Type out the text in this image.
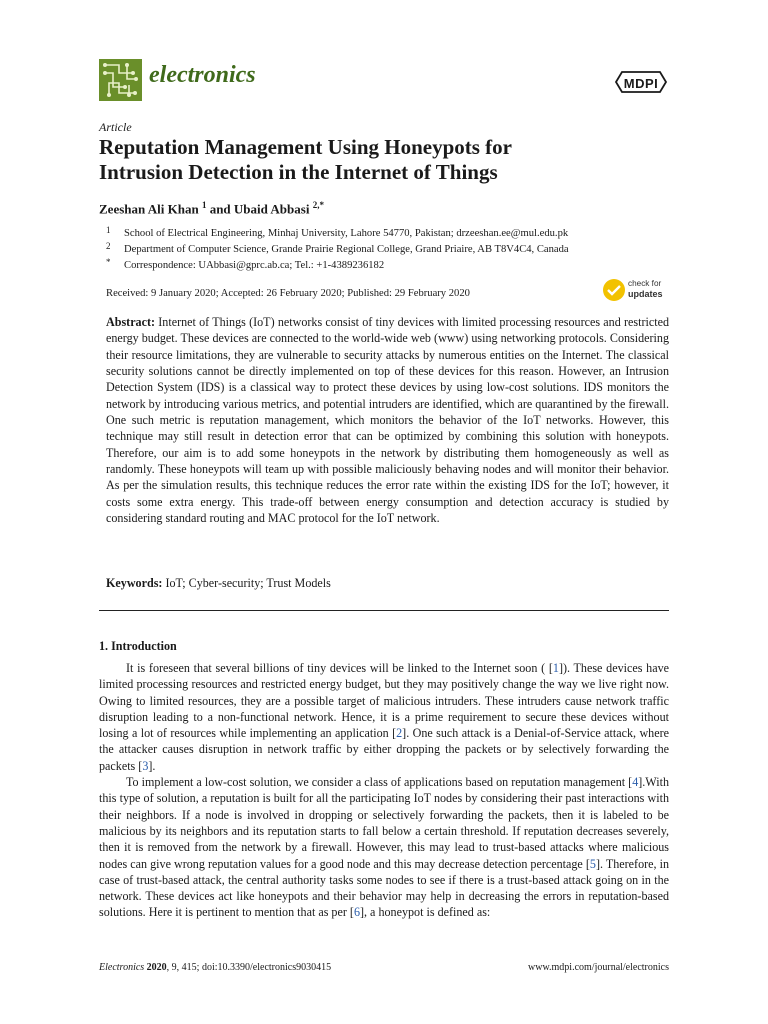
electronics	MDPI
Article
Reputation Management Using Honeypots for
Intrusion Detection in the Internet of Things
Zeeshan Ali Khan $^1$ and Ubaid Abbasi $^{2,*}$
1 School of Electrical Engineering, Minhaj University, Lahore 54770, Pakistan; drzeeshan.ee@mul.edu.pk
2 Department of Computer Science, Grande Prairie Regional College, Grand Priaire, AB T8V4C4, Canada
* Correspondence: UAbbasi@gprc.ab.ca; Tel.: +1-4389236182
Received: 9 January 2020; Accepted: 26 February 2020; Published: 29 February 2020
check for
updates
Abstract: Internet of Things (IoT) networks consist of tiny devices with limited processing resources and restricted energy budget. These devices are connected to the world-wide web (www) using networking protocols. Considering their resource limitations, they are vulnerable to security attacks by numerous entities on the Internet. The classical security solutions cannot be directly implemented on top of these devices for this reason. However, an Intrusion Detection System (IDS) is a classical way to protect these devices by using low-cost solutions. IDS monitors the network by introducing various metrics, and potential intruders are identified, which are quarantined by the firewall. One such metric is reputation management, which monitors the behavior of the IoT networks. However, this technique may still result in detection error that can be optimized by combining this solution with honeypots. Therefore, our aim is to add some honeypots in the network by distributing them homogeneously as well as randomly. These honeypots will team up with possible maliciously behaving nodes and will monitor their behavior. As per the simulation results, this technique reduces the error rate within the existing IDS for the IoT; however, it costs some extra energy. This trade-off between energy consumption and detection accuracy is studied by considering standard routing and MAC protocol for the IoT network.
Keywords: IoT; Cyber-security; Trust Models
1. Introduction

It is foreseen that several billions of tiny devices will be linked to the Internet soon ( [1]). These devices have limited processing resources and restricted energy budget, but they may positively change the way we live right now. Owing to limited resources, they are a possible target of malicious intruders. These intruders cause network traffic disruption leading to a non-functional network. Hence, it is a prime requirement to secure these devices without losing a lot of resources while implementing an application [2]. One such attack is a Denial-of-Service attack, where the attacker causes disruption in network traffic by either dropping the packets or by selectively forwarding the packets [3].

To implement a low-cost solution, we consider a class of applications based on reputation management [4].With this type of solution, a reputation is built for all the participating IoT nodes by considering their past interactions with their neighbors. If a node is involved in dropping or selectively forwarding the packets, then it is labeled to be malicious by its neighbors and its reputation starts to fall below a certain threshold. If reputation decreases severely, then it is removed from the network by a firewall. However, this may lead to trust-based attacks where malicious nodes can give wrong reputation values for a good node and this may decrease detection percentage [5]. Therefore, in case of trust-based attack, the central authority tasks some nodes to see if there is a trust-based attack going on in the network. These devices act like honeypots and their behavior may help in decreasing the errors in reputation-based solutions. Here it is pertinent to mention that as per [6], a honeypot is defined as:

Electronics 2020, 9, 415; doi:10.3390/electronics9030415	www.mdpi.com/journal/electronics
